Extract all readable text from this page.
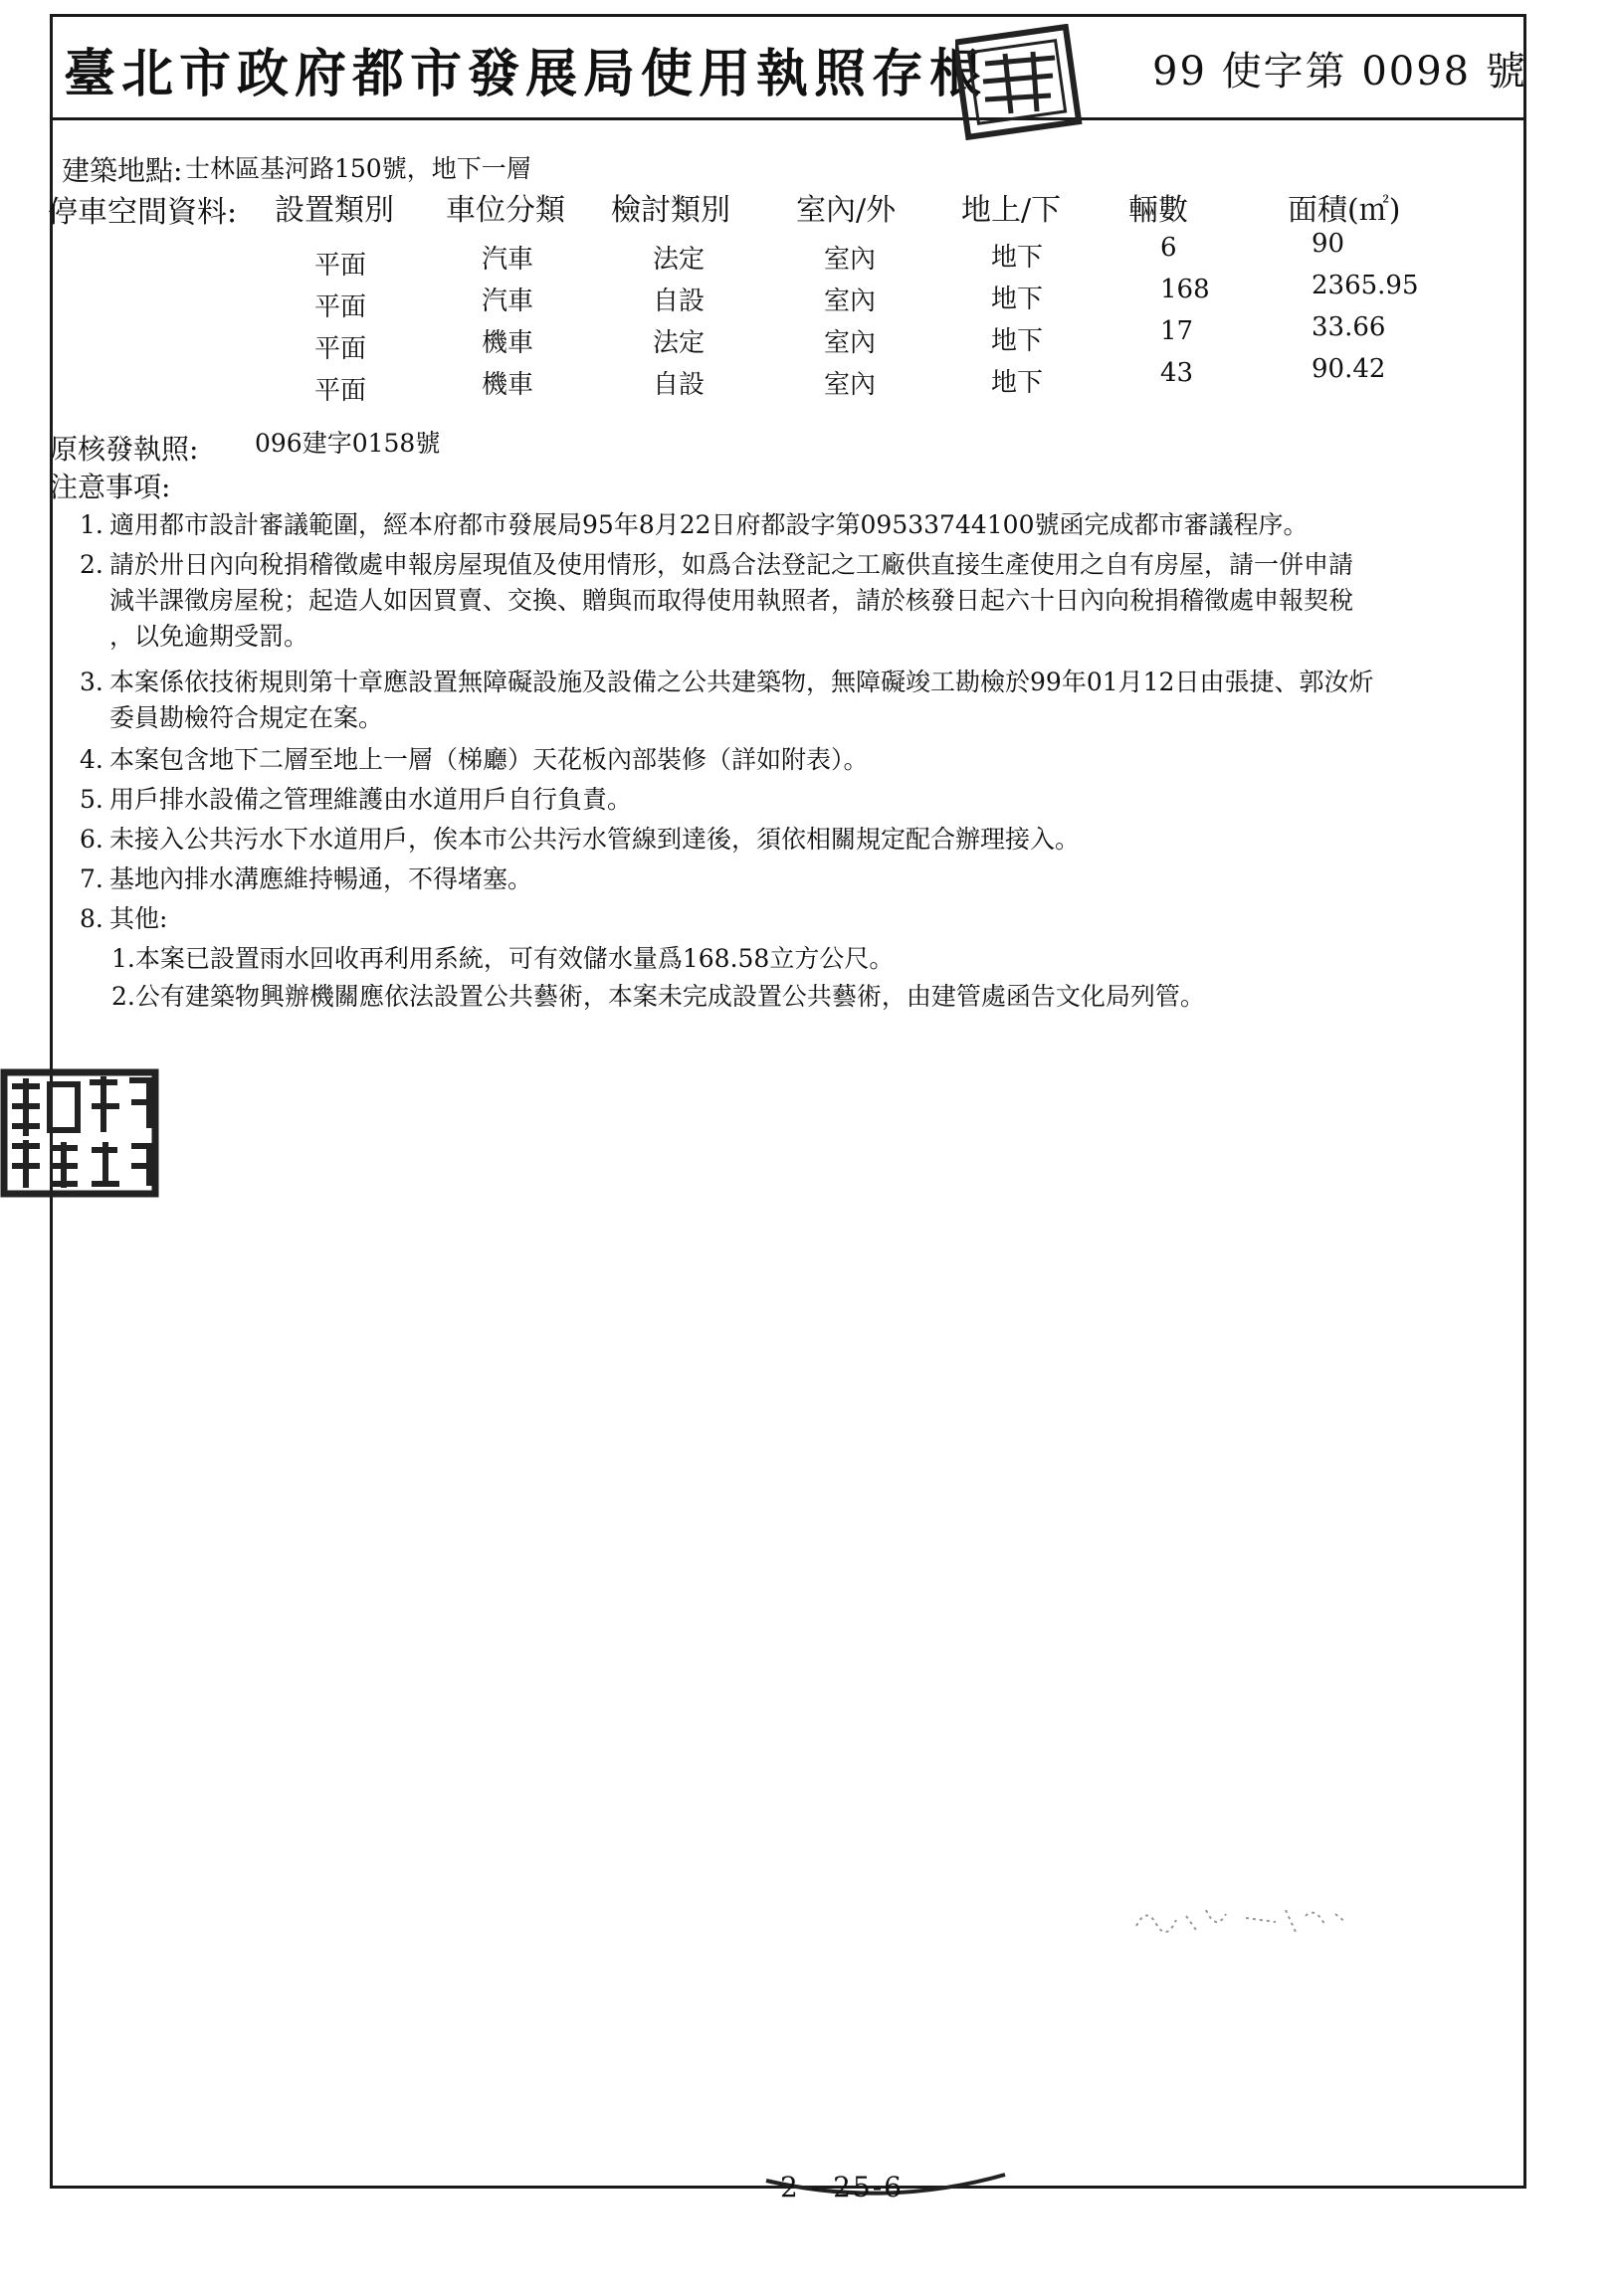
臺北市政府都市發展局使用執照存根	99 使字第 0098 號
建築地點: 士林區基河路150號，地下一層
停車空間資料: 設置類別 車位分類 檢討類別 室內/外 地上/下 輛數	面積(㎡)
平面	汽車	法定	室內	地下	6	90
平面	汽車	自設	室內	地下	168	2365.95
平面	機車	法定	室內	地下	17	33.66
平面	機車	自設	室內	地下	43	90.42
原核發執照: 096建字0158號
注意事項:
1. 適用都市設計審議範圍，經本府都市發展局95年8月22日府都設字第09533744100號函完成都市審議程序。
2. 請於卅日內向稅捐稽徵處申報房屋現值及使用情形，如爲合法登記之工廠供直接生產使用之自有房屋，請一併申請
減半課徵房屋稅；起造人如因買賣、交換、贈與而取得使用執照者，請於核發日起六十日內向稅捐稽徵處申報契稅
，以免逾期受罰。
3. 本案係依技術規則第十章應設置無障礙設施及設備之公共建築物，無障礙竣工勘檢於99年01月12日由張捷、郭汝炘
委員勘檢符合規定在案。
4. 本案包含地下二層至地上一層（梯廳）天花板內部裝修（詳如附表）。
5. 用戶排水設備之管理維護由水道用戶自行負責。
6. 未接入公共污水下水道用戶，俟本市公共污水管線到達後，須依相關規定配合辦理接入。
7. 基地內排水溝應維持暢通，不得堵塞。
8. 其他:
1.本案已設置雨水回收再利用系統，可有效儲水量爲168.58立方公尺。
2.公有建築物興辦機關應依法設置公共藝術，本案未完成設置公共藝術，由建管處函告文化局列管。
2 - 25-6
